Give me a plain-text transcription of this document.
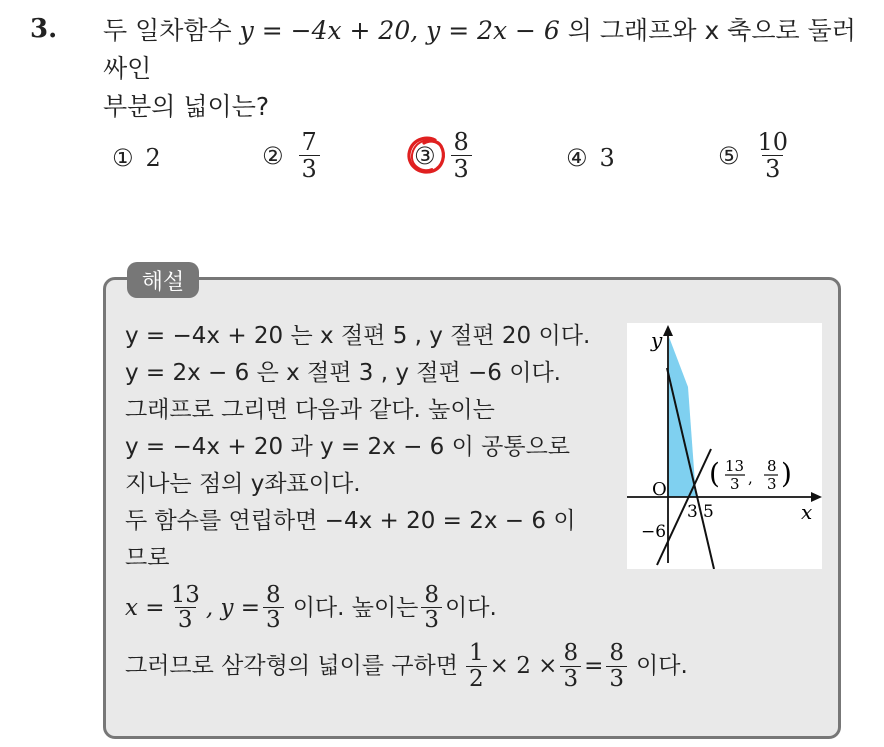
3. 두 일차함수 y = −4x + 20, y = 2x − 6 의 그래프와 x 축으로 둘러싸인
부분의 넓이는?
① 2	② $\frac{7}{3}$	③ $\frac{8}{3}$	④ 3	⑤ $\frac{10}{3}$
해설
y = −4x + 20 는 x 절편 5 , y 절편 20 이다.
y = 2x − 6 은 x 절편 3 , y 절편 −6 이다.
그래프로 그리면 다음과 같다. 높이는
y = −4x + 20 과 y = 2x − 6 이 공통으로
지나는 점의 y좌표이다.
두 함수를 연립하면 −4x + 20 = 2x − 6 이
므로
$x = \frac{13}{3}$ , $y = \frac{8}{3}$ 이다. 높이는 $\frac{8}{3}$ 이다.
그러므로 삼각형의 넓이를 구하면 $\frac{1}{2} \times 2 \times \frac{8}{3} = \frac{8}{3}$ 이다.
y
x
O
−6
3 5
( 13
3 ,
8
3 )
